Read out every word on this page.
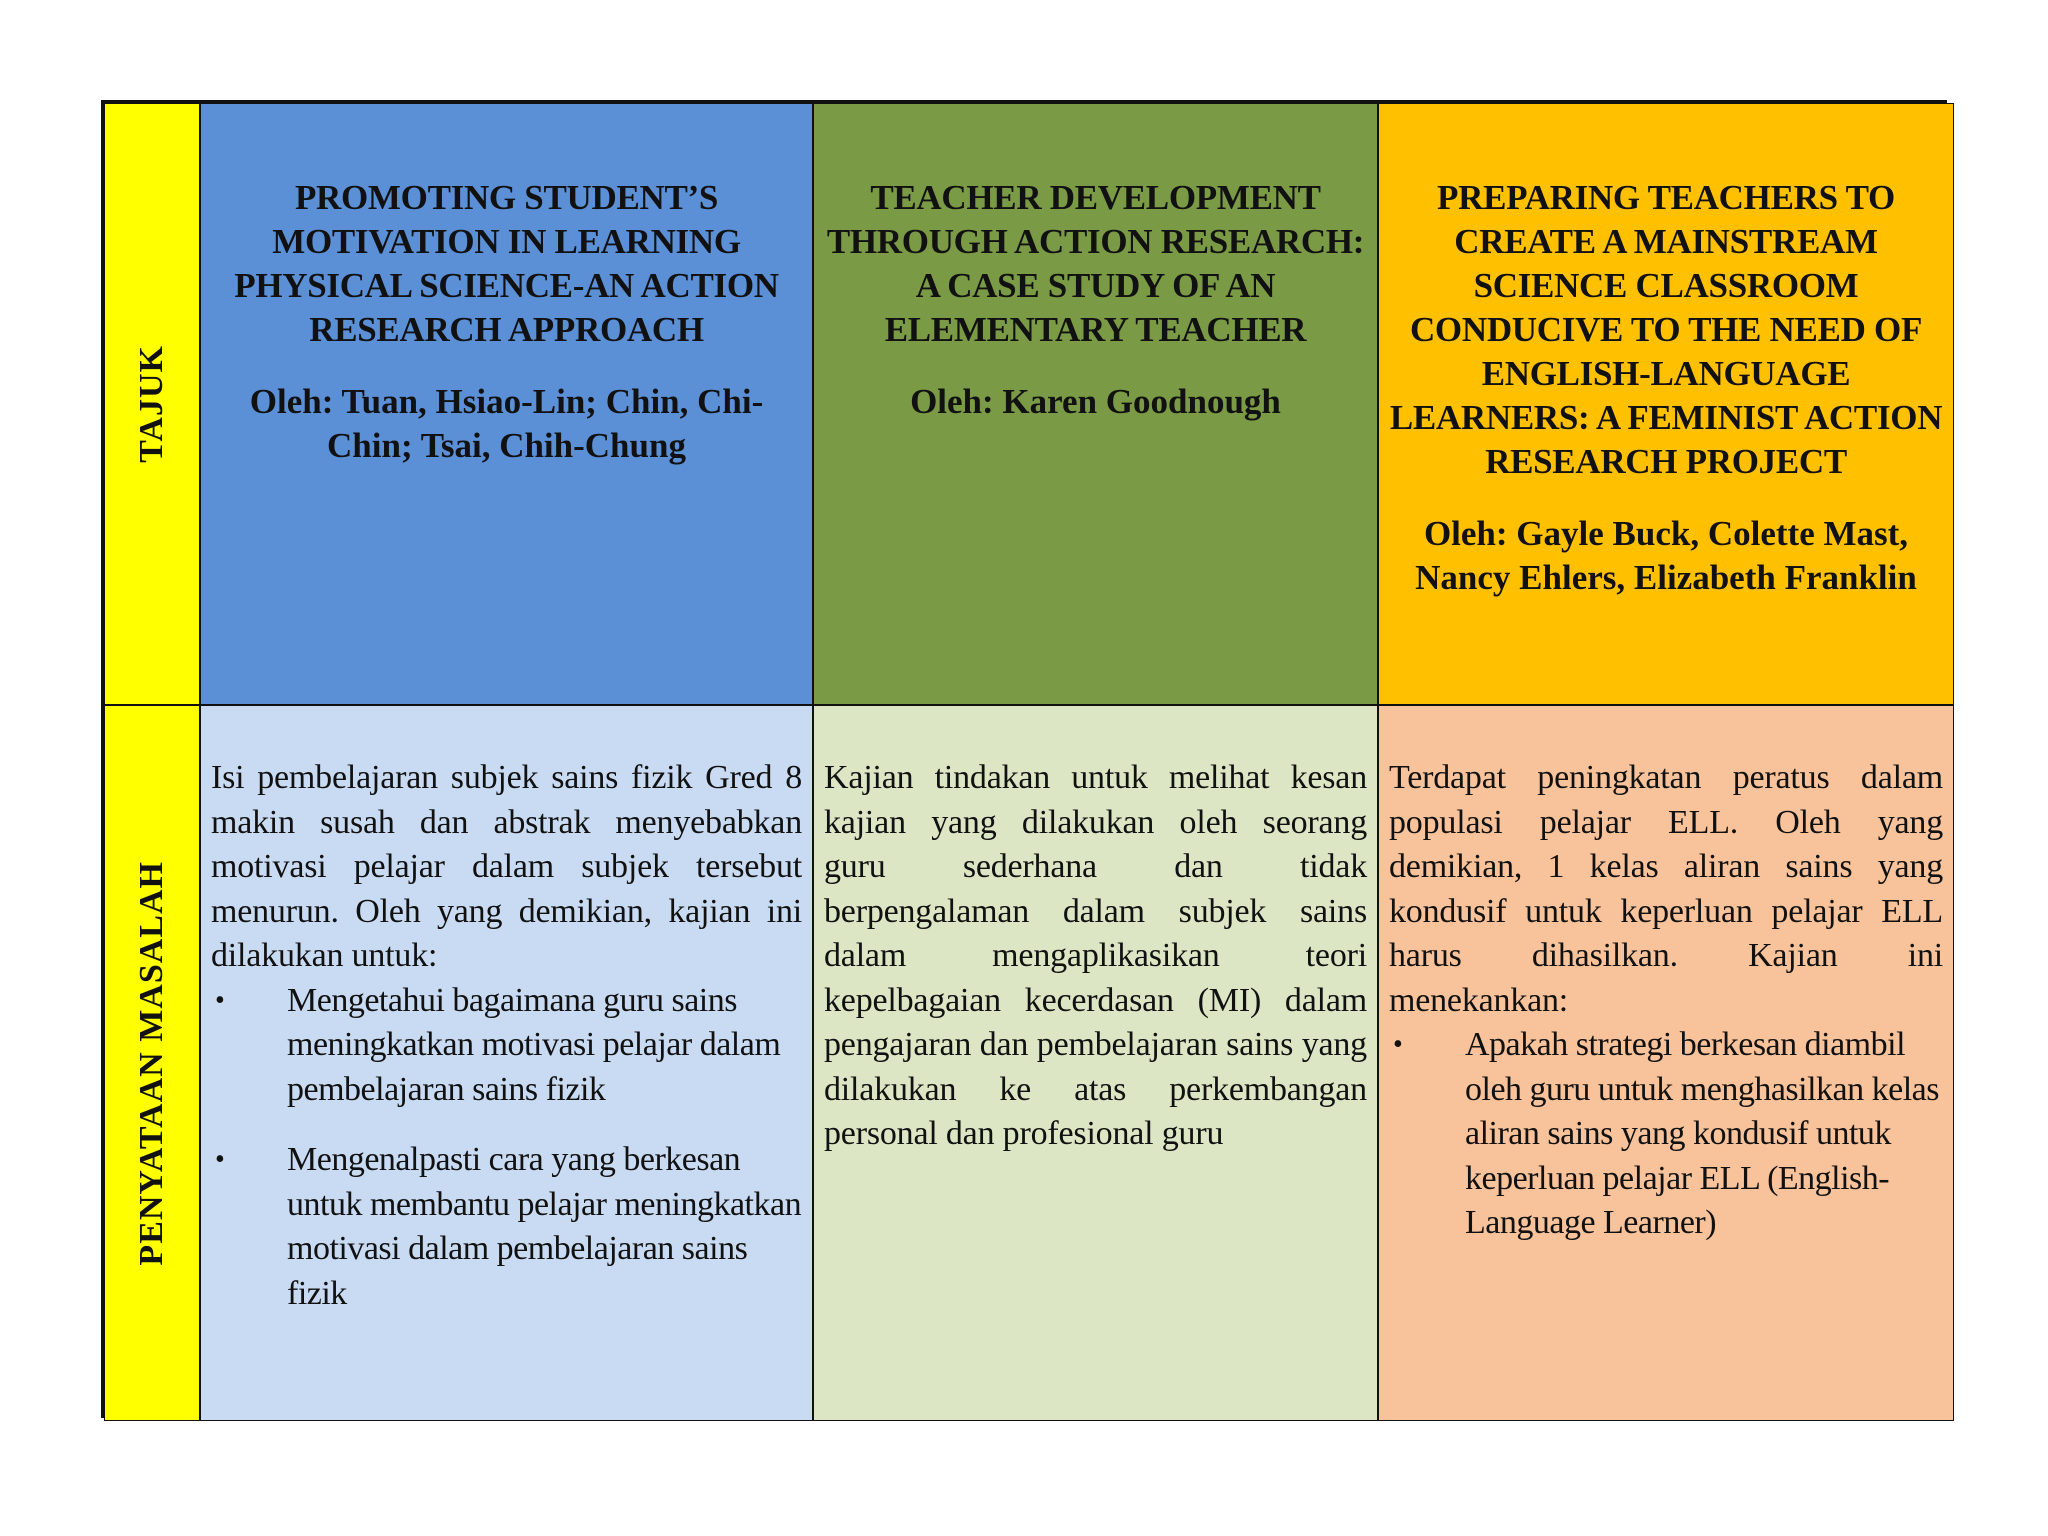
TAJUK
PROMOTING STUDENT’S MOTIVATION IN LEARNING PHYSICAL SCIENCE-AN ACTION RESEARCH APPROACH
Oleh: Tuan, Hsiao-Lin; Chin, Chi-Chin; Tsai, Chih-Chung
TEACHER DEVELOPMENT THROUGH ACTION RESEARCH: A CASE STUDY OF AN ELEMENTARY TEACHER
Oleh: Karen Goodnough
PREPARING TEACHERS TO CREATE A MAINSTREAM SCIENCE CLASSROOM CONDUCIVE TO THE NEED OF ENGLISH-LANGUAGE LEARNERS: A FEMINIST ACTION RESEARCH PROJECT
Oleh: Gayle Buck, Colette Mast, Nancy Ehlers, Elizabeth Franklin
PENYATAAN MASALAH
Isi pembelajaran subjek sains fizik Gred 8 makin susah dan abstrak menyebabkan motivasi pelajar dalam subjek tersebut menurun. Oleh yang demikian, kajian ini dilakukan untuk:
• Mengetahui bagaimana guru sains meningkatkan motivasi pelajar dalam pembelajaran sains fizik
• Mengenalpasti cara yang berkesan untuk membantu pelajar meningkatkan motivasi dalam pembelajaran sains fizik
Kajian tindakan untuk melihat kesan kajian yang dilakukan oleh seorang guru sederhana dan tidak berpengalaman dalam subjek sains dalam mengaplikasikan teori kepelbagaian kecerdasan (MI) dalam pengajaran dan pembelajaran sains yang dilakukan ke atas perkembangan personal dan profesional guru
Terdapat peningkatan peratus dalam populasi pelajar ELL. Oleh yang demikian, 1 kelas aliran sains yang kondusif untuk keperluan pelajar ELL harus dihasilkan. Kajian ini menekankan:
• Apakah strategi berkesan diambil oleh guru untuk menghasilkan kelas aliran sains yang kondusif untuk keperluan pelajar ELL (English-Language Learner)
